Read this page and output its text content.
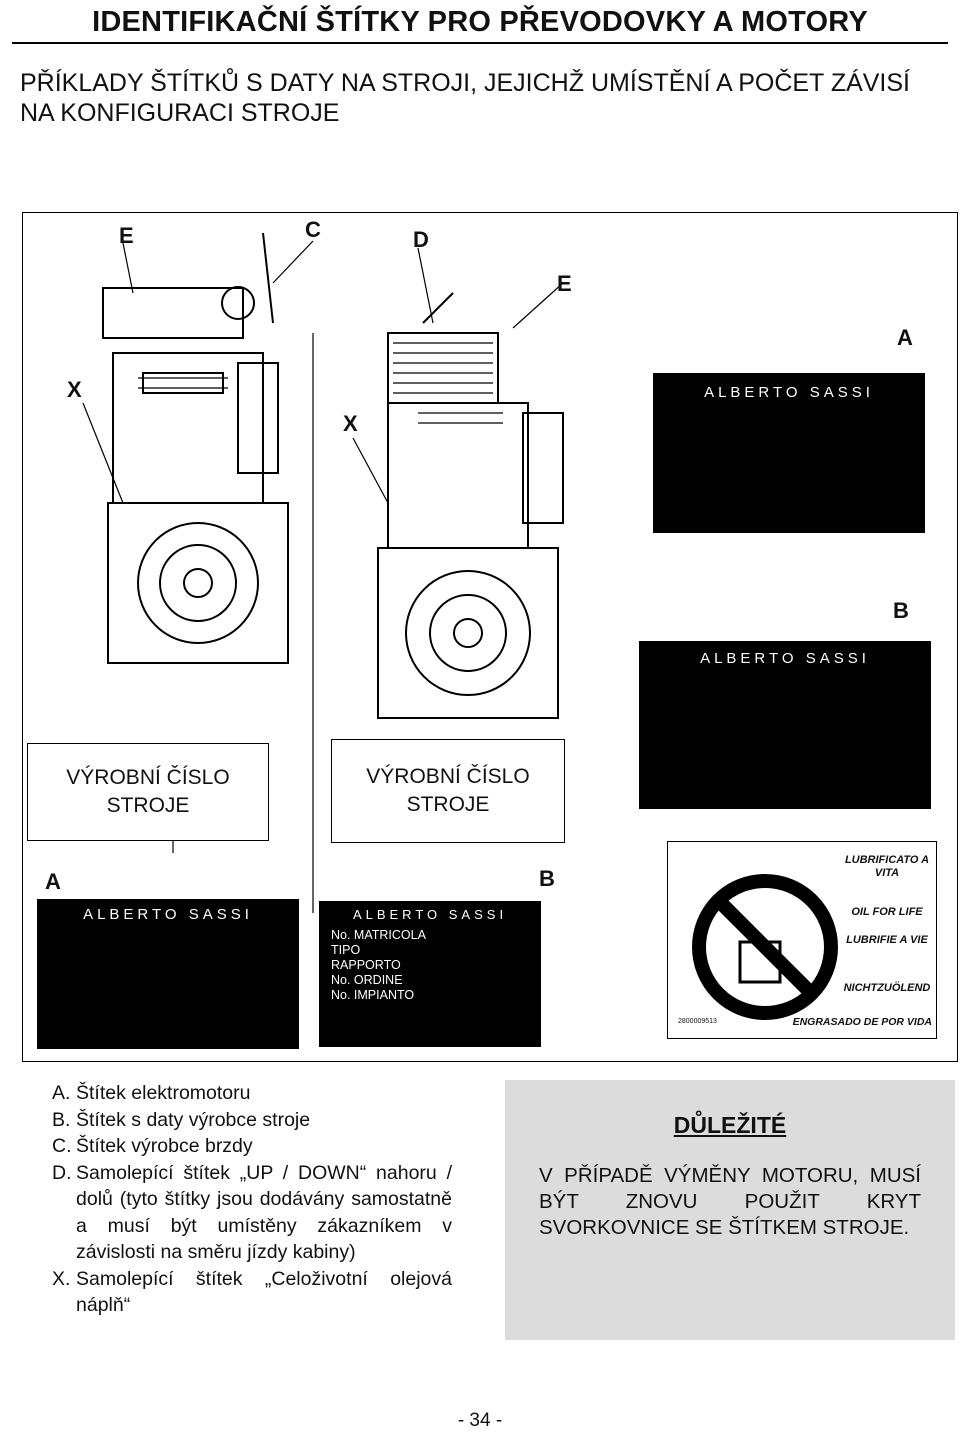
IDENTIFIKAČNÍ ŠTÍTKY PRO PŘEVODOVKY A MOTORY
PŘÍKLADY ŠTÍTKŮ S DATY NA STROJI, JEJICHŽ UMÍSTĚNÍ A POČET ZÁVISÍ NA KONFIGURACI STROJE
E	C	D
E
A
X
X
B
A	B
ALBERTO SASSI
ALBERTO SASSI
VÝROBNÍ ČÍSLO
STROJE
VÝROBNÍ ČÍSLO
STROJE
ALBERTO SASSI	ALBERTO SASSI
No. MATRICOLA
TIPO
RAPPORTO
No. ORDINE
No. IMPIANTO
LUBRIFICATO A VITA
OIL FOR LIFE
LUBRIFIE A VIE
NICHTZUÖLEND
2800009513	ENGRASADO DE POR VIDA
A. Štítek elektromotoru
B. Štítek s daty výrobce stroje
C. Štítek výrobce brzdy
D. Samolepící štítek „UP / DOWN“ nahoru / dolů (tyto štítky jsou dodávány samostatně a musí být umístěny zákazníkem v závislosti na směru jízdy kabiny)
X. Samolepící štítek „Celoživotní olejová náplň“
DŮLEŽITÉ
V PŘÍPADĚ VÝMĚNY MOTORU, MUSÍ BÝT ZNOVU POUŽIT KRYT SVORKOVNICE SE ŠTÍTKEM STROJE.
- 34 -
